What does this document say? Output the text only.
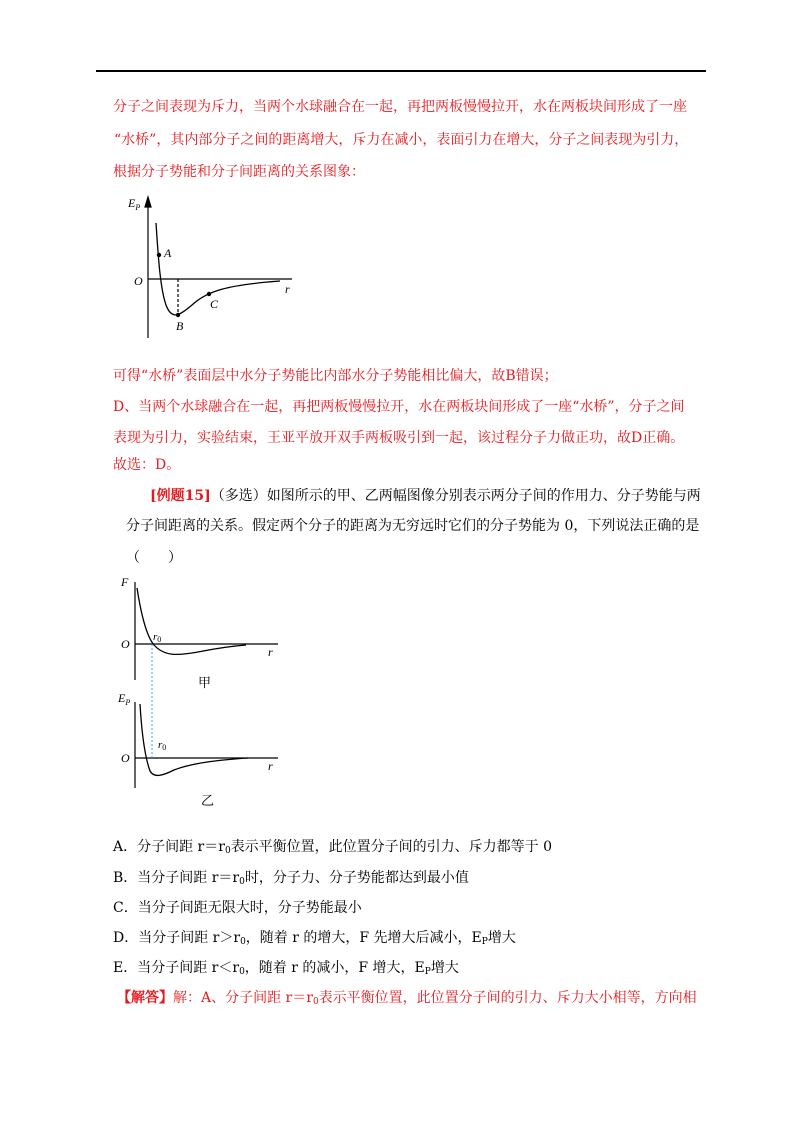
分子之间表现为斥力，当两个水球融合在一起，再把两板慢慢拉开，水在两板块间形成了一座
“水桥”，其内部分子之间的距离增大，斥力在减小，表面引力在增大，分子之间表现为引力，
根据分子势能和分子间距离的关系图象：
$E_P$
O
r
A
B
C
可得“水桥”表面层中水分子势能比内部水分子势能相比偏大，故B错误；
D、当两个水球融合在一起，再把两板慢慢拉开，水在两板块间形成了一座“水桥”，分子之间
表现为引力，实验结束，王亚平放开双手两板吸引到一起，该过程分子力做正功，故D正确。
故选：D。
[例题15]（多选）如图所示的甲、乙两幅图像分别表示两分子间的作用力、分子势能与两
分子间距离的关系。假定两个分子的距离为无穷远时它们的分子势能为 0，下列说法正确的是
（　　）
F
O
r
r0
甲
$E_P$
O
r
r0
乙
A．分子间距 $r=r_0$表示平衡位置，此位置分子间的引力、斥力都等于 0
B．当分子间距 $r=r_0$时，分子力、分子势能都达到最小值
C．当分子间距无限大时，分子势能最小
D．当分子间距 $r>r_0$，随着 r 的增大，F 先增大后减小，$E_P$增大
E．当分子间距 $r<r_0$，随着 r 的减小，F 增大，$E_P$增大
【解答】解：A、分子间距 $r=r_0$表示平衡位置，此位置分子间的引力、斥力大小相等，方向相
